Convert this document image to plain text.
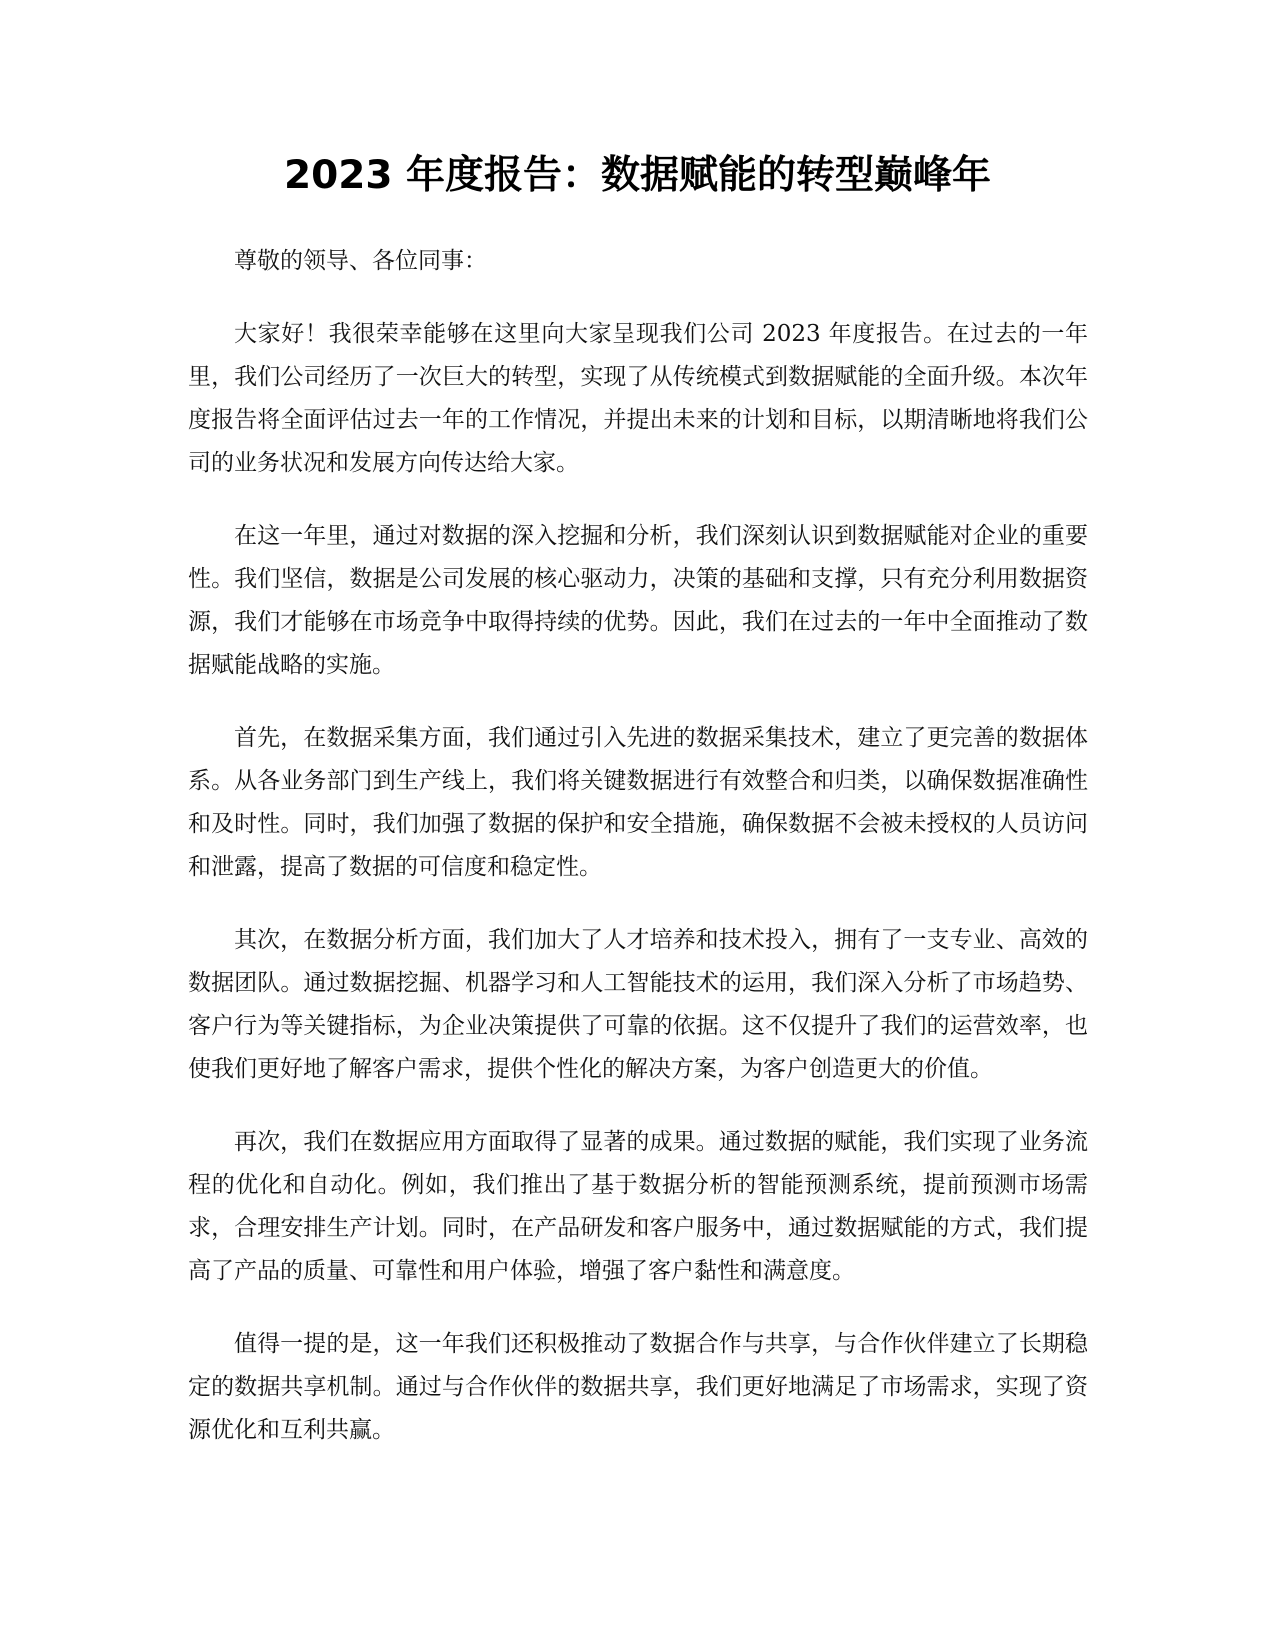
2023 年度报告：数据赋能的转型巅峰年

尊敬的领导、各位同事：

大家好！我很荣幸能够在这里向大家呈现我们公司 2023 年度报告。在过去的一年里，我们公司经历了一次巨大的转型，实现了从传统模式到数据赋能的全面升级。本次年度报告将全面评估过去一年的工作情况，并提出未来的计划和目标，以期清晰地将我们公司的业务状况和发展方向传达给大家。

在这一年里，通过对数据的深入挖掘和分析，我们深刻认识到数据赋能对企业的重要性。我们坚信，数据是公司发展的核心驱动力，决策的基础和支撑，只有充分利用数据资源，我们才能够在市场竞争中取得持续的优势。因此，我们在过去的一年中全面推动了数据赋能战略的实施。

首先，在数据采集方面，我们通过引入先进的数据采集技术，建立了更完善的数据体系。从各业务部门到生产线上，我们将关键数据进行有效整合和归类，以确保数据准确性和及时性。同时，我们加强了数据的保护和安全措施，确保数据不会被未授权的人员访问和泄露，提高了数据的可信度和稳定性。

其次，在数据分析方面，我们加大了人才培养和技术投入，拥有了一支专业、高效的数据团队。通过数据挖掘、机器学习和人工智能技术的运用，我们深入分析了市场趋势、客户行为等关键指标，为企业决策提供了可靠的依据。这不仅提升了我们的运营效率，也使我们更好地了解客户需求，提供个性化的解决方案，为客户创造更大的价值。

再次，我们在数据应用方面取得了显著的成果。通过数据的赋能，我们实现了业务流程的优化和自动化。例如，我们推出了基于数据分析的智能预测系统，提前预测市场需求，合理安排生产计划。同时，在产品研发和客户服务中，通过数据赋能的方式，我们提高了产品的质量、可靠性和用户体验，增强了客户黏性和满意度。

值得一提的是，这一年我们还积极推动了数据合作与共享，与合作伙伴建立了长期稳定的数据共享机制。通过与合作伙伴的数据共享，我们更好地满足了市场需求，实现了资源优化和互利共赢。
